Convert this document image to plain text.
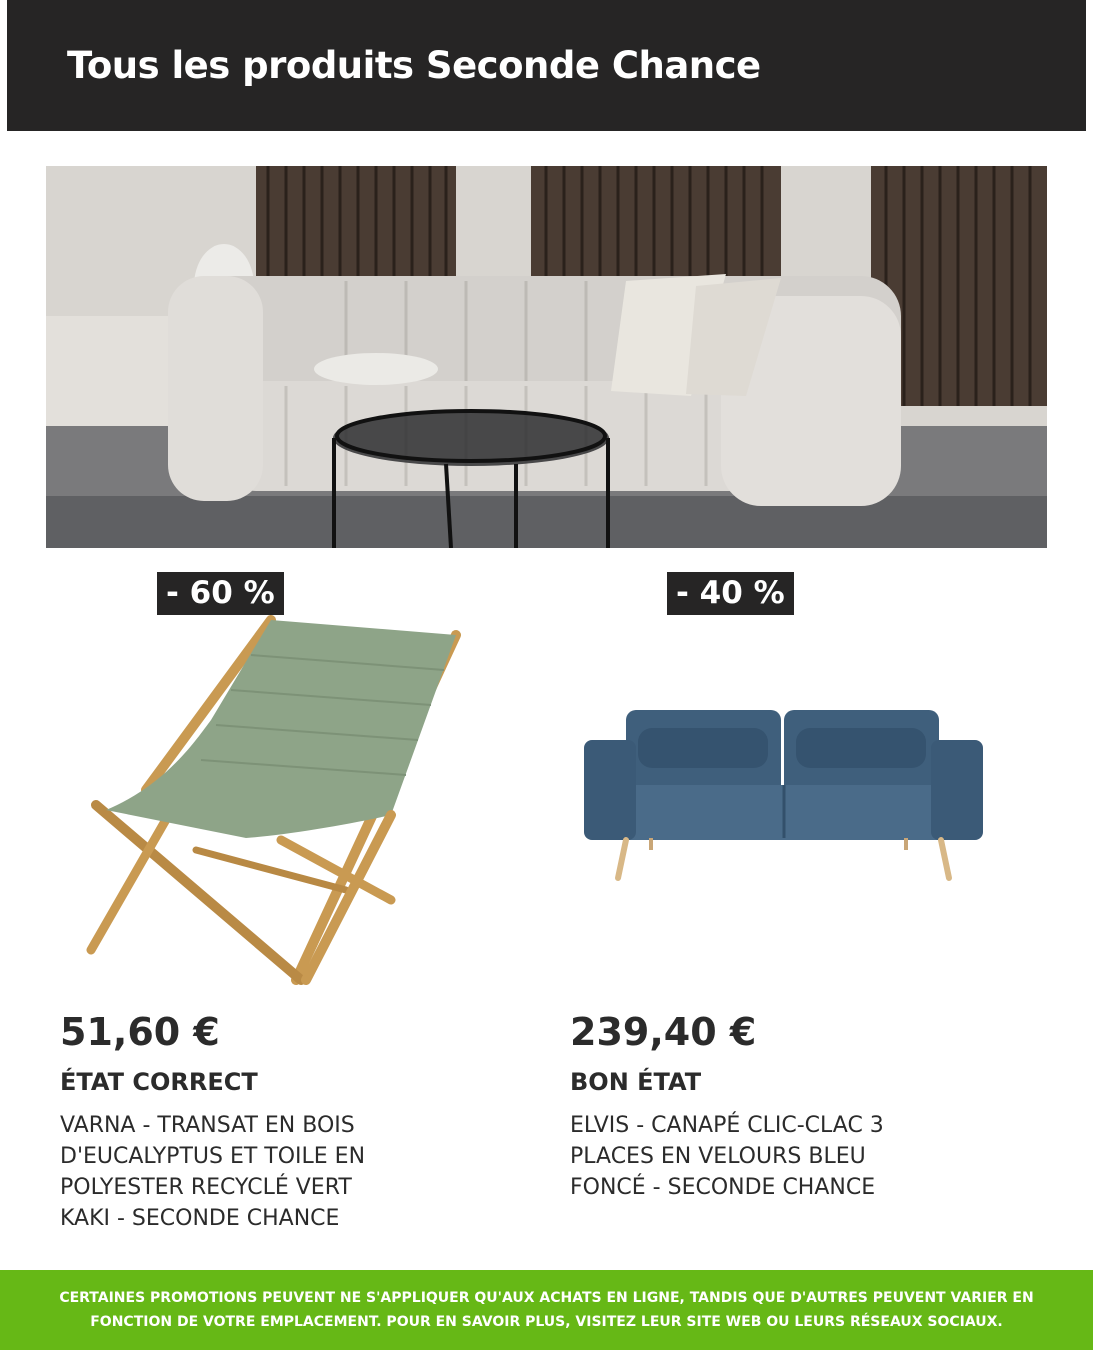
Tous les produits Seconde Chance
- 60 %
51,60 €
ÉTAT CORRECT
VARNA - TRANSAT EN BOIS D'EUCALYPTUS ET TOILE EN POLYESTER RECYCLÉ VERT KAKI - SECONDE CHANCE
- 40 %
239,40 €
BON ÉTAT
ELVIS - CANAPÉ CLIC-CLAC 3 PLACES EN VELOURS BLEU FONCÉ - SECONDE CHANCE

CERTAINES PROMOTIONS PEUVENT NE S'APPLIQUER QU'AUX ACHATS EN LIGNE, TANDIS QUE D'AUTRES PEUVENT VARIER EN FONCTION DE VOTRE EMPLACEMENT. POUR EN SAVOIR PLUS, VISITEZ LEUR SITE WEB OU LEURS RÉSEAUX SOCIAUX.
